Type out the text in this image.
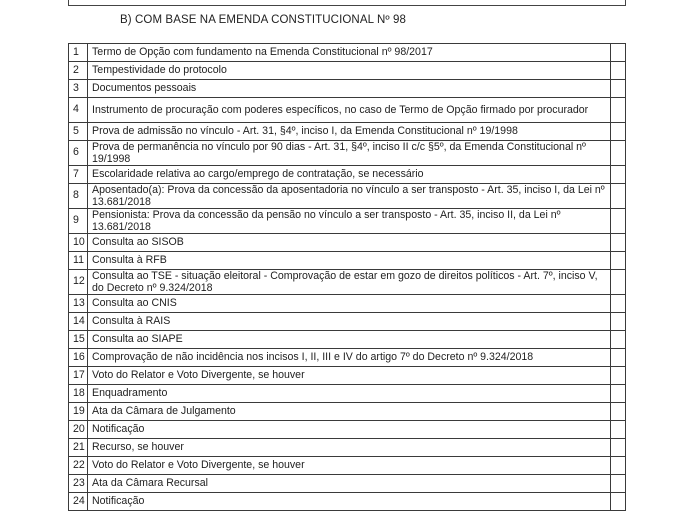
B) COM BASE NA EMENDA CONSTITUCIONAL Nº 98
1	Termo de Opção com fundamento na Emenda Constitucional nº 98/2017	
2	Tempestividade do protocolo	
3	Documentos pessoais	
4	Instrumento de procuração com poderes específicos, no caso de Termo de Opção firmado por procurador	
5	Prova de admissão no vínculo - Art. 31, §4º, inciso I, da Emenda Constitucional nº 19/1998	
6	Prova de permanência no vínculo por 90 dias - Art. 31, §4º, inciso II c/c §5º, da Emenda Constitucional nº 19/1998	
7	Escolaridade relativa ao cargo/emprego de contratação, se necessário	
8	Aposentado(a): Prova da concessão da aposentadoria no vínculo a ser transposto - Art. 35, inciso I, da Lei nº 13.681/2018	
9	Pensionista: Prova da concessão da pensão no vínculo a ser transposto - Art. 35, inciso II, da Lei nº 13.681/2018	
10	Consulta ao SISOB	
11	Consulta à RFB	
12	Consulta ao TSE - situação eleitoral - Comprovação de estar em gozo de direitos políticos - Art. 7º, inciso V, do Decreto nº 9.324/2018	
13	Consulta ao CNIS	
14	Consulta à RAIS	
15	Consulta ao SIAPE	
16	Comprovação de não incidência nos incisos I, II, III e IV do artigo 7º do Decreto nº 9.324/2018	
17	Voto do Relator e Voto Divergente, se houver	
18	Enquadramento	
19	Ata da Câmara de Julgamento	
20	Notificação	
21	Recurso, se houver	
22	Voto do Relator e Voto Divergente, se houver	
23	Ata da Câmara Recursal	
24	Notificação	
